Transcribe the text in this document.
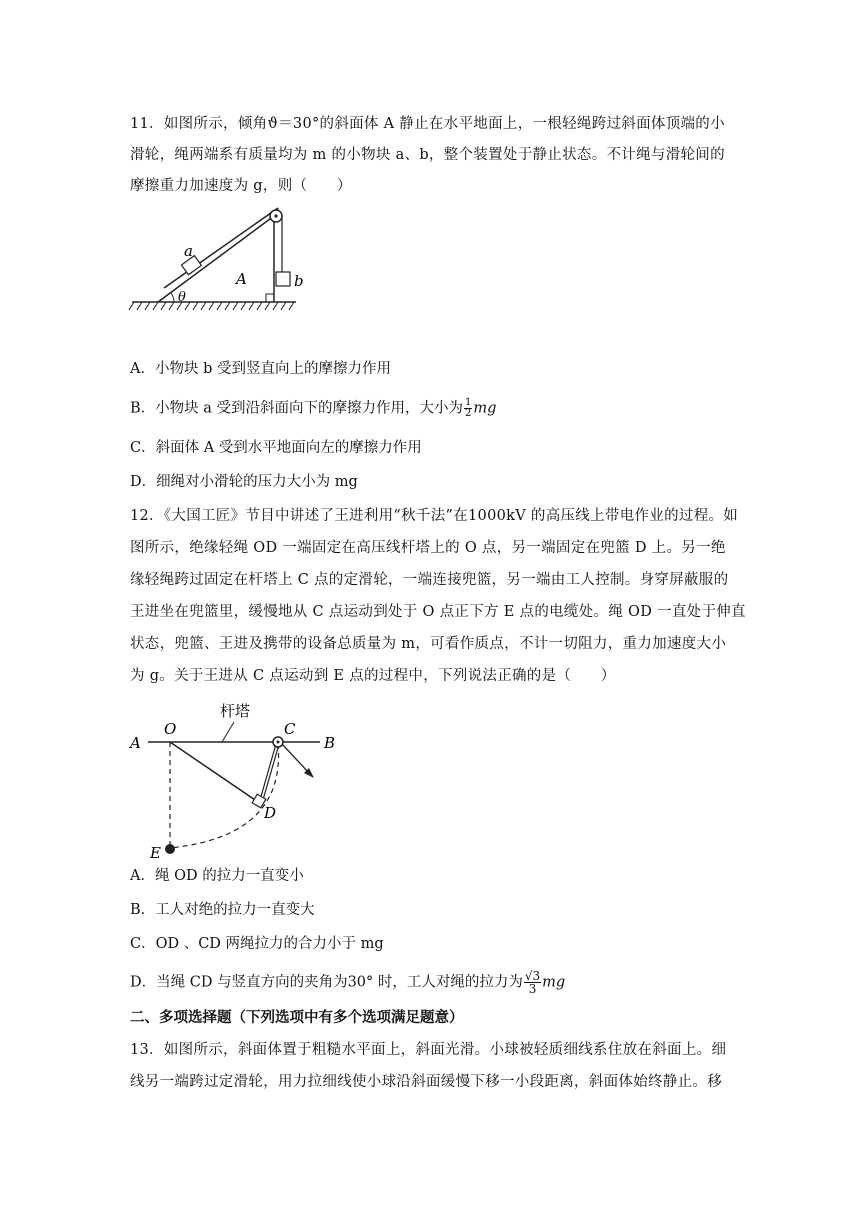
11．如图所示，倾角ϑ＝30°的斜面体 A 静止在水平地面上，一根轻绳跨过斜面体顶端的小
滑轮，绳两端系有质量均为 m 的小物块 a、b，整个装置处于静止状态。不计绳与滑轮间的
摩擦重力加速度为 g，则（　　）
a
A	b
θ
A．小物块 b 受到竖直向上的摩擦力作用
B．小物块 a 受到沿斜面向下的摩擦力作用，大小为 $\frac{1}{2}$ mg
C．斜面体 A 受到水平地面向左的摩擦力作用
D．细绳对小滑轮的压力大小为 mg
12．《大国工匠》节目中讲述了王进利用“秋千法”在1000kV 的高压线上带电作业的过程。如
图所示，绝缘轻绳 OD 一端固定在高压线杆塔上的 O 点，另一端固定在兜篮 D 上。另一绝
缘轻绳跨过固定在杆塔上 C 点的定滑轮，一端连接兜篮，另一端由工人控制。身穿屏蔽服的
王进坐在兜篮里，缓慢地从 C 点运动到处于 O 点正下方 E 点的电缆处。绳 OD 一直处于伸直
状态，兜篮、王进及携带的设备总质量为 m，可看作质点，不计一切阻力，重力加速度大小
为 g。关于王进从 C 点运动到 E 点的过程中，下列说法正确的是（　　）
杆塔
A
O	C
B
D
E
A．绳 OD 的拉力一直变小
B．工人对绝的拉力一直变大
C．OD 、CD 两绳拉力的合力小于 mg
D．当绳 CD 与竖直方向的夹角为30° 时，工人对绳的拉力为 $\frac{√3}{3}$ mg
二、多项选择题（下列选项中有多个选项满足题意）
13．如图所示，斜面体置于粗糙水平面上，斜面光滑。小球被轻质细线系住放在斜面上。细
线另一端跨过定滑轮，用力拉细线使小球沿斜面缓慢下移一小段距离，斜面体始终静止。移
